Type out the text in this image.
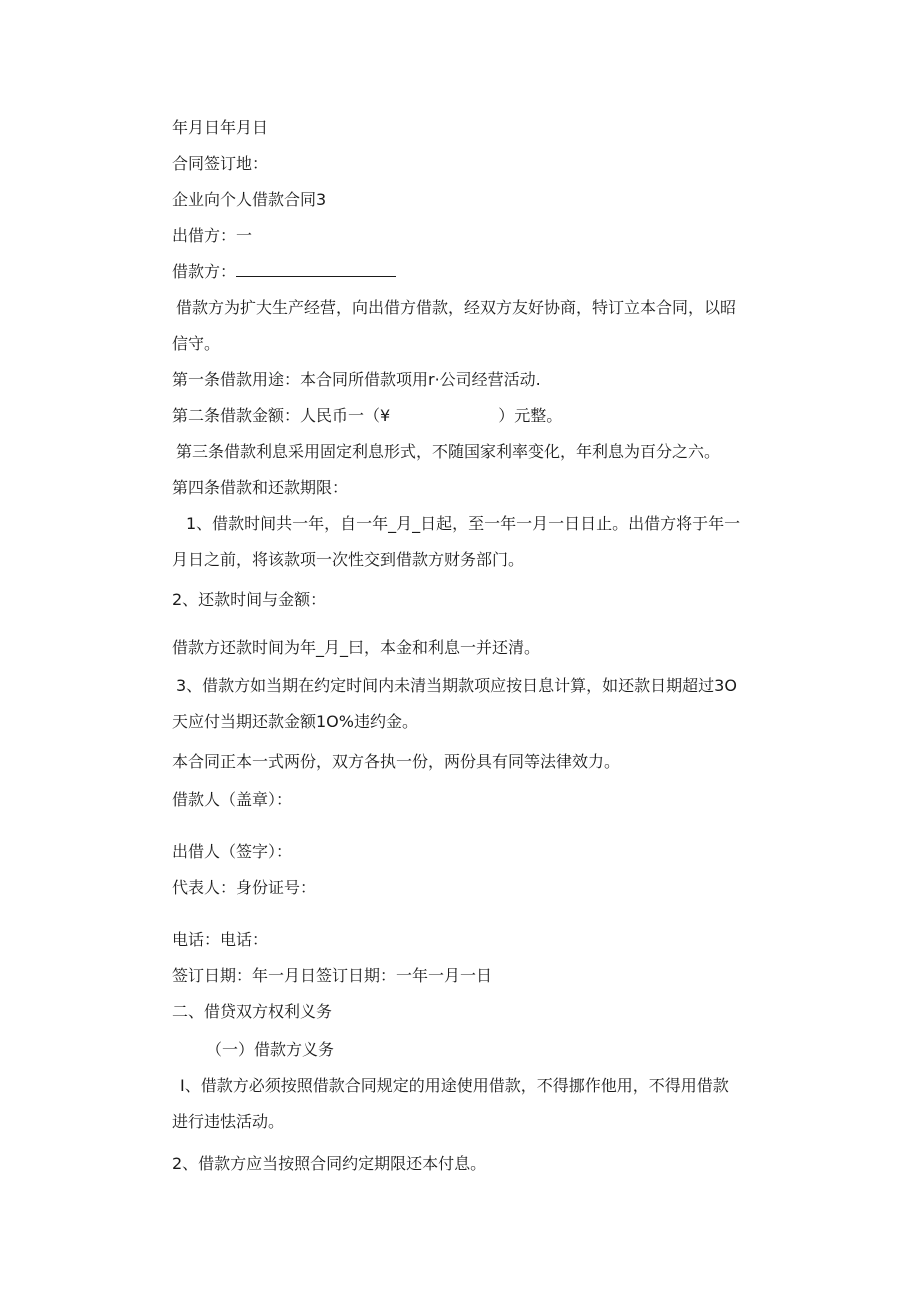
年月日年月日
合同签订地：
企业向个人借款合同3
出借方：一
借款方：
借款方为扩大生产经营，向出借方借款，经双方友好协商，特订立本合同，以昭
信守。
第一条借款用途：本合同所借款项用r·公司经营活动.
第二条借款金额：人民币一（¥	）元整。
第三条借款利息采用固定利息形式，不随国家利率变化，年利息为百分之六。
第四条借款和还款期限：
1、借款时间共一年，自一年_月_日起，至一年一月一日日止。出借方将于年一
月日之前，将该款项一次性交到借款方财务部门。
2、还款时间与金额：
借款方还款时间为年_月_曰，本金和利息一并还清。
3、借款方如当期在约定时间内未清当期款项应按日息计算，如还款日期超过3O
天应付当期还款金额1O%违约金。
本合同正本一式两份，双方各执一份，两份具有同等法律效力。
借款人（盖章）：
出借人（签字）：
代表人：身份证号：
电话：电话：
签订日期：年一月日签订日期：一年一月一日
二、借贷双方权利义务
（一）借款方义务
I、借款方必须按照借款合同规定的用途使用借款，不得挪作他用，不得用借款
进行违怯活动。
2、借款方应当按照合同约定期限还本付息。
